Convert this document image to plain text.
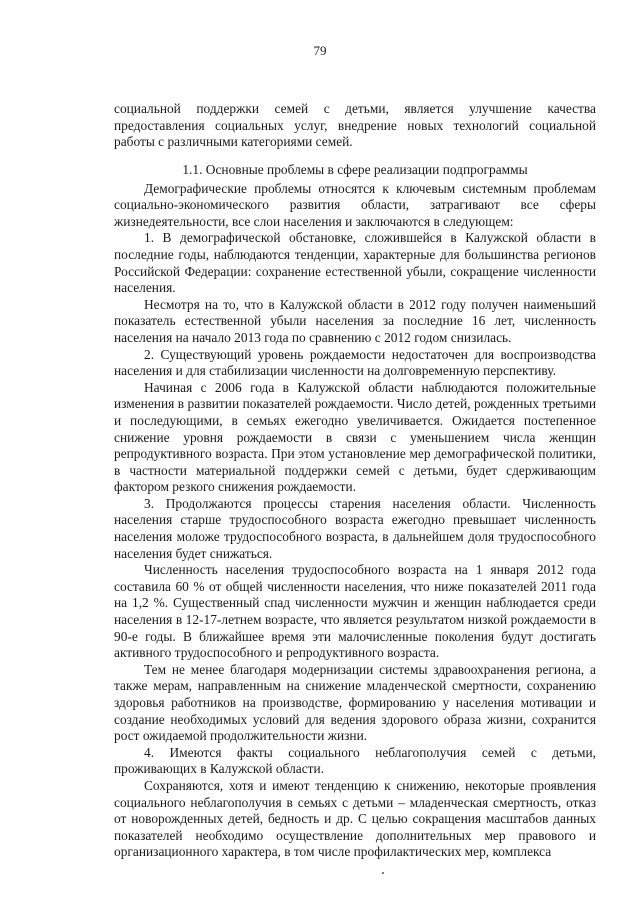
79

социальной поддержки семей с детьми, является улучшение качества предоставления социальных услуг, внедрение новых технологий социальной работы с различными категориями семей.

1.1. Основные проблемы в сфере реализации подпрограммы

Демографические проблемы относятся к ключевым системным проблемам социально-экономического развития области, затрагивают все сферы жизнедеятельности, все слои населения и заключаются в следующем:

1. В демографической обстановке, сложившейся в Калужской области в последние годы, наблюдаются тенденции, характерные для большинства регионов Российской Федерации: сохранение естественной убыли, сокращение численности населения.

Несмотря на то, что в Калужской области в 2012 году получен наименьший показатель естественной убыли населения за последние 16 лет, численность населения на начало 2013 года по сравнению с 2012 годом снизилась.

2. Существующий уровень рождаемости недостаточен для воспроизводства населения и для стабилизации численности на долговременную перспективу.

Начиная с 2006 года в Калужской области наблюдаются положительные изменения в развитии показателей рождаемости. Число детей, рожденных третьими и последующими, в семьях ежегодно увеличивается. Ожидается постепенное снижение уровня рождаемости в связи с уменьшением числа женщин репродуктивного возраста. При этом установление мер демографической политики, в частности материальной поддержки семей с детьми, будет сдерживающим фактором резкого снижения рождаемости.

3. Продолжаются процессы старения населения области. Численность населения старше трудоспособного возраста ежегодно превышает численность населения моложе трудоспособного возраста, в дальнейшем доля трудоспособного населения будет снижаться.

Численность населения трудоспособного возраста на 1 января 2012 года составила 60 % от общей численности населения, что ниже показателей 2011 года на 1,2 %. Существенный спад численности мужчин и женщин наблюдается среди населения в 12-17-летнем возрасте, что является результатом низкой рождаемости в 90-е годы. В ближайшее время эти малочисленные поколения будут достигать активного трудоспособного и репродуктивного возраста.

Тем не менее благодаря модернизации системы здравоохранения региона, а также мерам, направленным на снижение младенческой смертности, сохранению здоровья работников на производстве, формированию у населения мотивации и создание необходимых условий для ведения здорового образа жизни, сохранится рост ожидаемой продолжительности жизни.

4. Имеются факты социального неблагополучия семей с детьми, проживающих в Калужской области.

Сохраняются, хотя и имеют тенденцию к снижению, некоторые проявления социального неблагополучия в семьях с детьми – младенческая смертность, отказ от новорожденных детей, бедность и др. С целью сокращения масштабов данных показателей необходимо осуществление дополнительных мер правового и организационного характера, в том числе профилактических мер, комплекса
